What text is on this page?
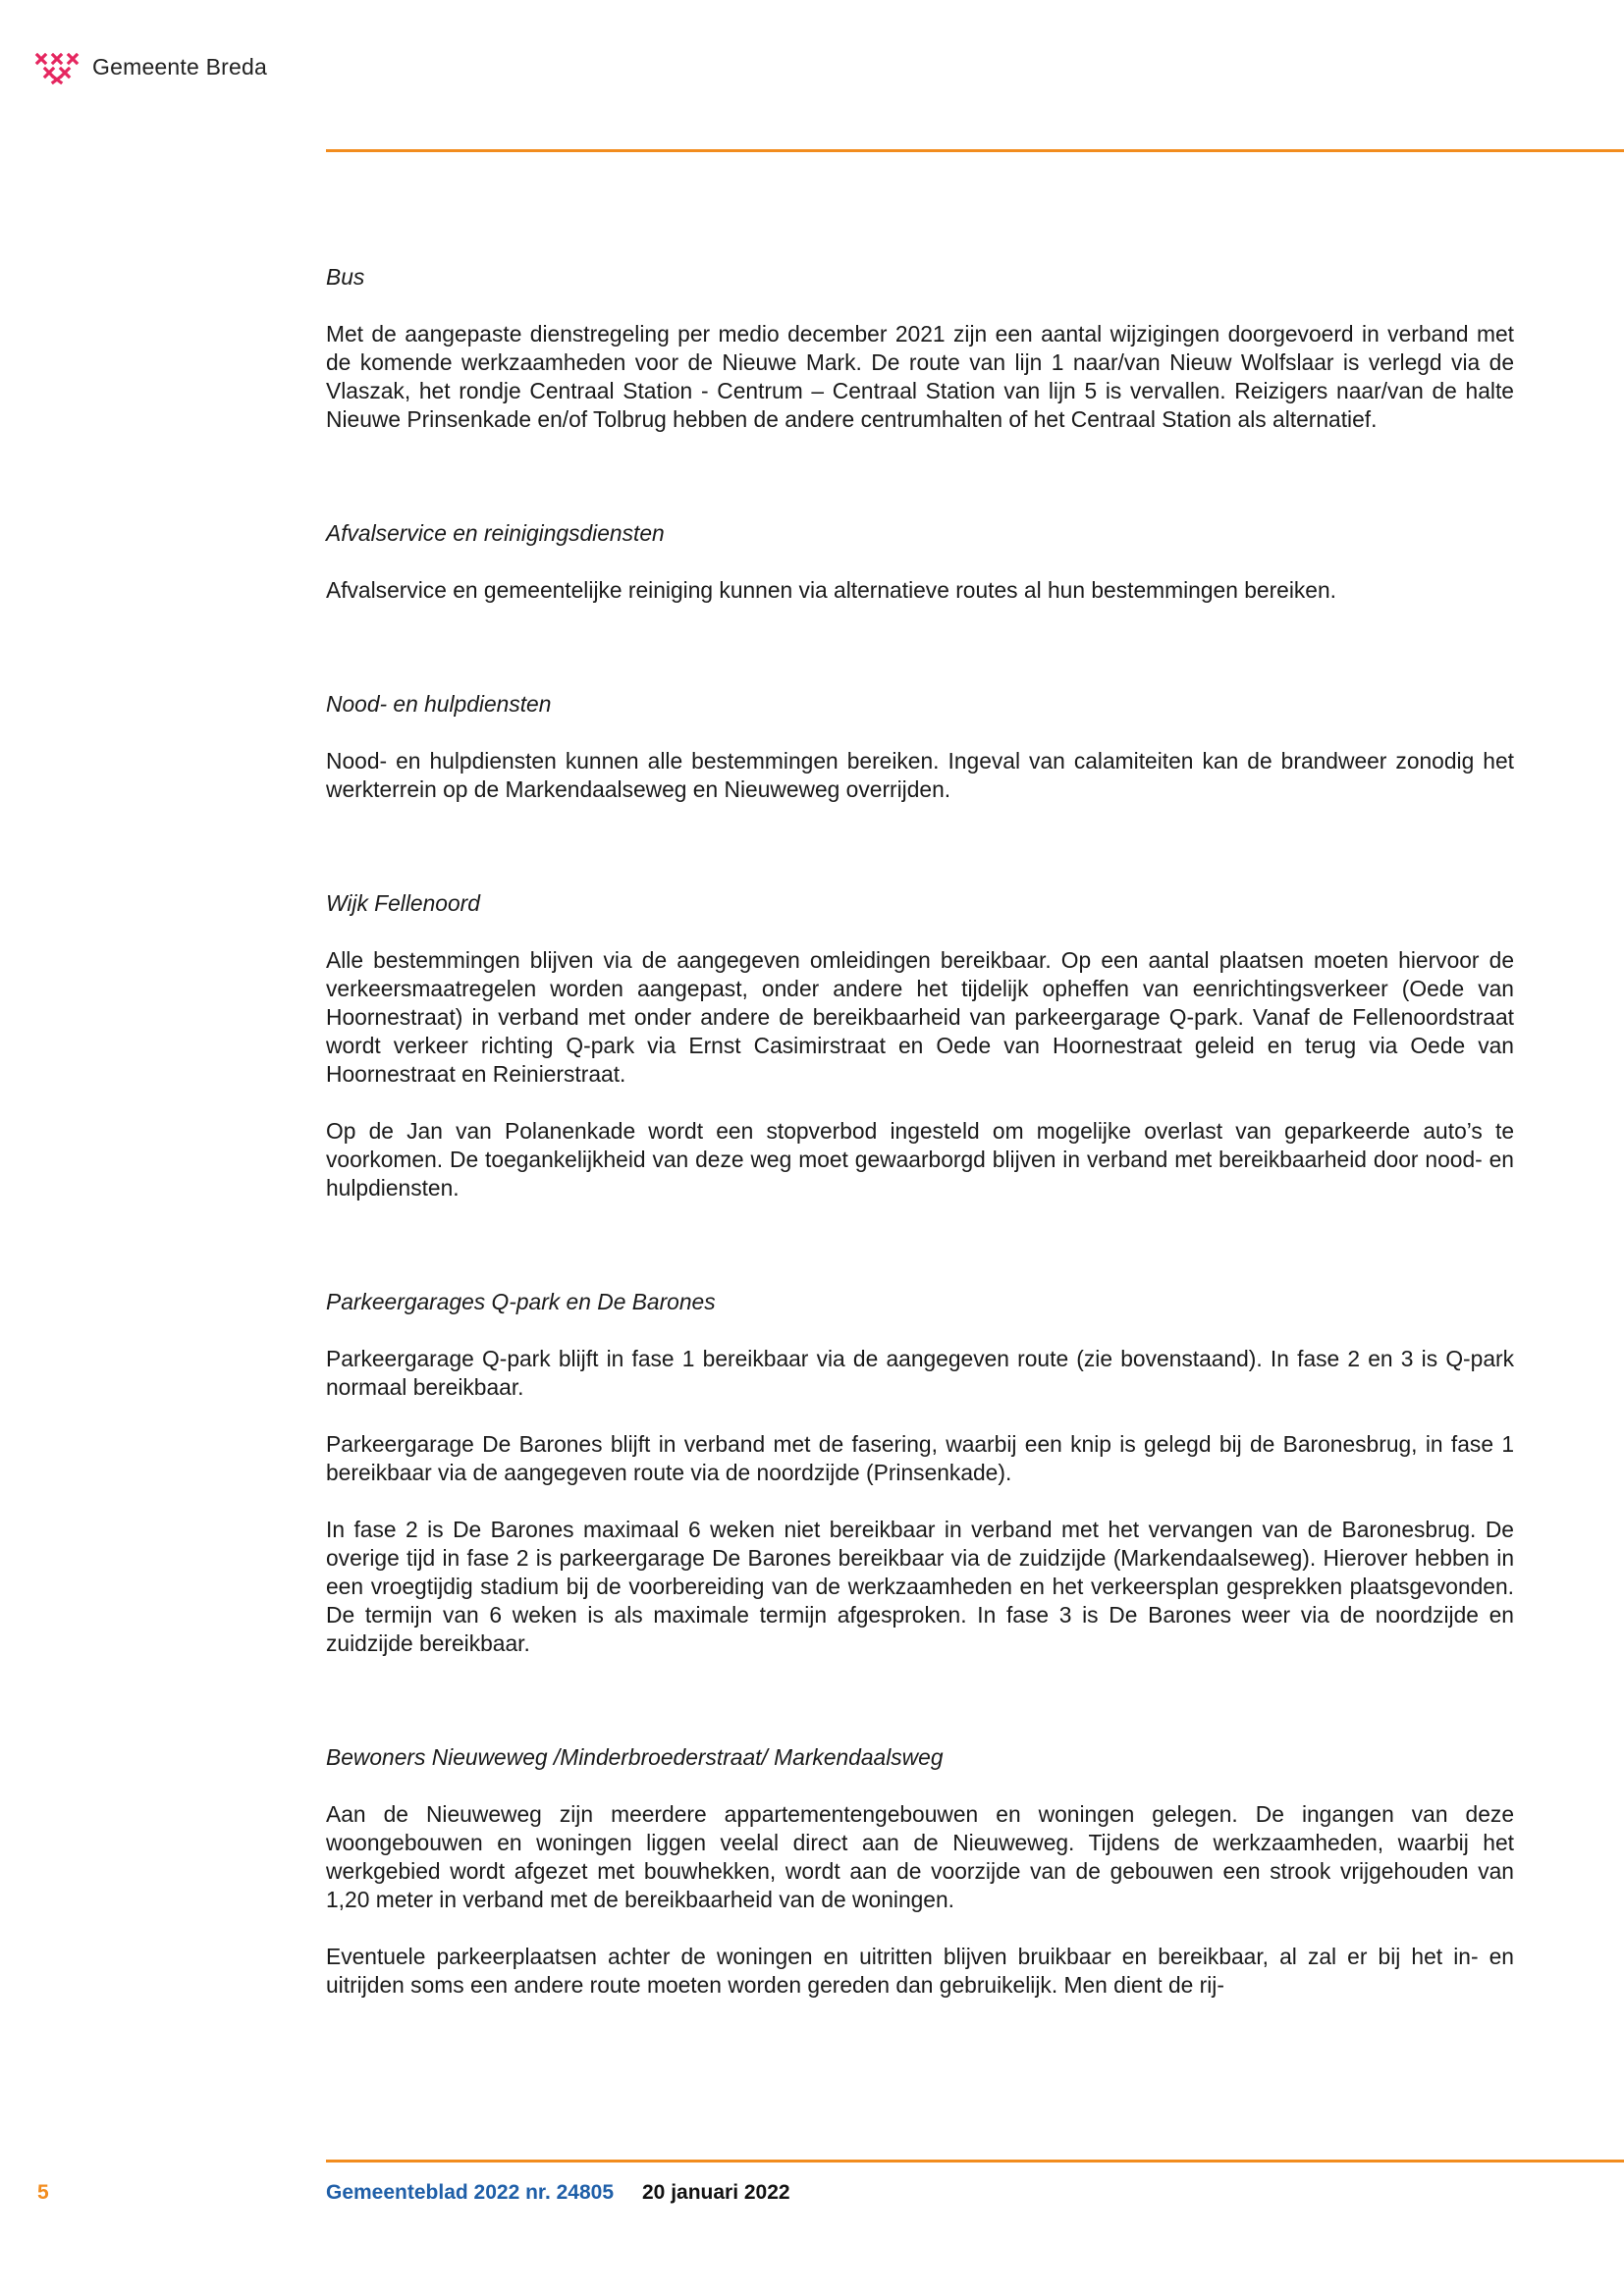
Gemeente Breda
Bus

Met de aangepaste dienstregeling per medio december 2021 zijn een aantal wijzigingen doorgevoerd in verband met de komende werkzaamheden voor de Nieuwe Mark. De route van lijn 1 naar/van Nieuw Wolfslaar is verlegd via de Vlaszak, het rondje Centraal Station - Centrum – Centraal Station van lijn 5 is vervallen. Reizigers naar/van de halte Nieuwe Prinsenkade en/of Tolbrug hebben de andere centrumhalten of het Centraal Station als alternatief.

Afvalservice en reinigingsdiensten

Afvalservice en gemeentelijke reiniging kunnen via alternatieve routes al hun bestemmingen bereiken.

Nood- en hulpdiensten

Nood- en hulpdiensten kunnen alle bestemmingen bereiken. Ingeval van calamiteiten kan de brandweer zonodig het werkterrein op de Markendaalseweg en Nieuweweg overrijden.

Wijk Fellenoord

Alle bestemmingen blijven via de aangegeven omleidingen bereikbaar. Op een aantal plaatsen moeten hiervoor de verkeersmaatregelen worden aangepast, onder andere het tijdelijk opheffen van eenrichtingsverkeer (Oede van Hoornestraat) in verband met onder andere de bereikbaarheid van parkeergarage Q-park. Vanaf de Fellenoordstraat wordt verkeer richting Q-park via Ernst Casimirstraat en Oede van Hoornestraat geleid en terug via Oede van Hoornestraat en Reinierstraat.

Op de Jan van Polanenkade wordt een stopverbod ingesteld om mogelijke overlast van geparkeerde auto’s te voorkomen. De toegankelijkheid van deze weg moet gewaarborgd blijven in verband met bereikbaarheid door nood- en hulpdiensten.

Parkeergarages Q-park en De Barones

Parkeergarage Q-park blijft in fase 1 bereikbaar via de aangegeven route (zie bovenstaand). In fase 2 en 3 is Q-park normaal bereikbaar.

Parkeergarage De Barones blijft in verband met de fasering, waarbij een knip is gelegd bij de Baronesbrug, in fase 1 bereikbaar via de aangegeven route via de noordzijde (Prinsenkade).

In fase 2 is De Barones maximaal 6 weken niet bereikbaar in verband met het vervangen van de Baronesbrug. De overige tijd in fase 2 is parkeergarage De Barones bereikbaar via de zuidzijde (Markendaalseweg). Hierover hebben in een vroegtijdig stadium bij de voorbereiding van de werkzaamheden en het verkeersplan gesprekken plaatsgevonden. De termijn van 6 weken is als maximale termijn afgesproken. In fase 3 is De Barones weer via de noordzijde en zuidzijde bereikbaar.

Bewoners Nieuweweg /Minderbroederstraat/ Markendaalsweg

Aan de Nieuweweg zijn meerdere appartementengebouwen en woningen gelegen. De ingangen van deze woongebouwen en woningen liggen veelal direct aan de Nieuweweg. Tijdens de werkzaamheden, waarbij het werkgebied wordt afgezet met bouwhekken, wordt aan de voorzijde van de gebouwen een strook vrijgehouden van 1,20 meter in verband met de bereikbaarheid van de woningen.

Eventuele parkeerplaatsen achter de woningen en uitritten blijven bruikbaar en bereikbaar, al zal er bij het in- en uitrijden soms een andere route moeten worden gereden dan gebruikelijk. Men dient de rij-

5	Gemeenteblad 2022 nr. 24805 20 januari 2022
